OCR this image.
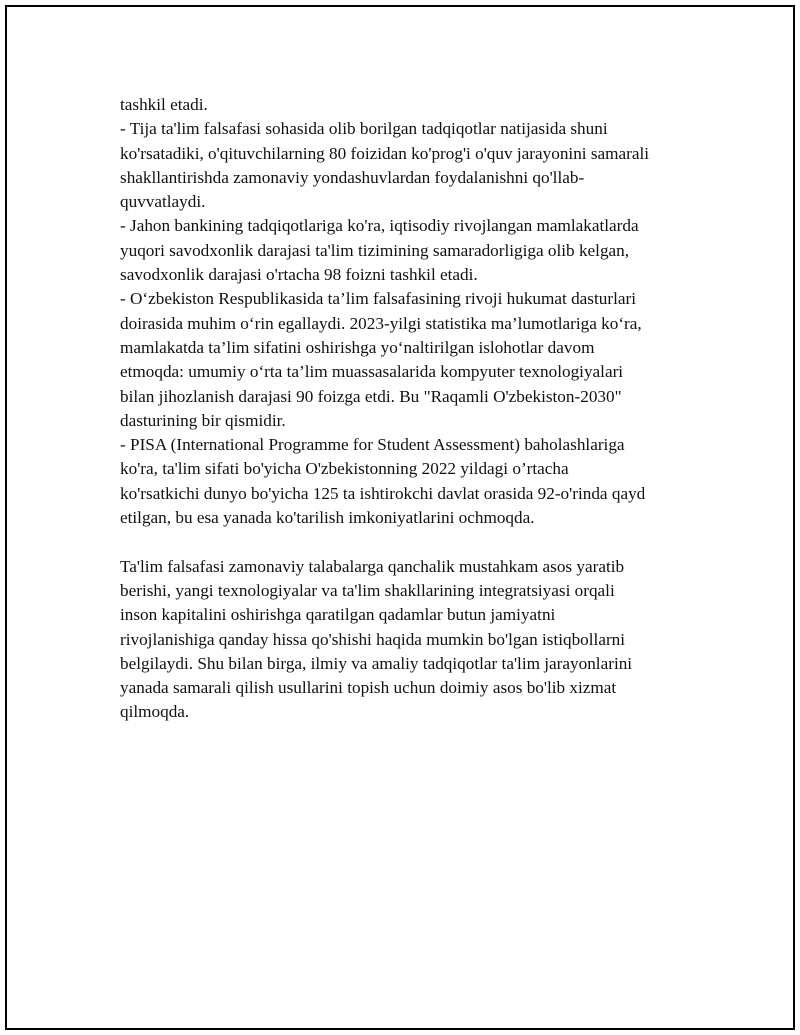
tashkil etadi.
- Tija ta'lim falsafasi sohasida olib borilgan tadqiqotlar natijasida shuni
ko'rsatadiki, o'qituvchilarning 80 foizidan ko'prog'i o'quv jarayonini samarali
shakllantirishda zamonaviy yondashuvlardan foydalanishni qo'llab-
quvvatlaydi.
- Jahon bankining tadqiqotlariga ko'ra, iqtisodiy rivojlangan mamlakatlarda
yuqori savodxonlik darajasi ta'lim tizimining samaradorligiga olib kelgan,
savodxonlik darajasi o'rtacha 98 foizni tashkil etadi.
- O‘zbekiston Respublikasida ta’lim falsafasining rivoji hukumat dasturlari
doirasida muhim o‘rin egallaydi. 2023-yilgi statistika ma’lumotlariga ko‘ra,
mamlakatda ta’lim sifatini oshirishga yo‘naltirilgan islohotlar davom
etmoqda: umumiy o‘rta ta’lim muassasalarida kompyuter texnologiyalari
bilan jihozlanish darajasi 90 foizga etdi. Bu "Raqamli O'zbekiston-2030"
dasturining bir qismidir.
- PISA (International Programme for Student Assessment) baholashlariga
ko'ra, ta'lim sifati bo'yicha O'zbekistonning 2022 yildagi o’rtacha
ko'rsatkichi dunyo bo'yicha 125 ta ishtirokchi davlat orasida 92-o'rinda qayd
etilgan, bu esa yanada ko'tarilish imkoniyatlarini ochmoqda.
Ta'lim falsafasi zamonaviy talabalarga qanchalik mustahkam asos yaratib
berishi, yangi texnologiyalar va ta'lim shakllarining integratsiyasi orqali
inson kapitalini oshirishga qaratilgan qadamlar butun jamiyatni
rivojlanishiga qanday hissa qo'shishi haqida mumkin bo'lgan istiqbollarni
belgilaydi. Shu bilan birga, ilmiy va amaliy tadqiqotlar ta'lim jarayonlarini
yanada samarali qilish usullarini topish uchun doimiy asos bo'lib xizmat
qilmoqda.
